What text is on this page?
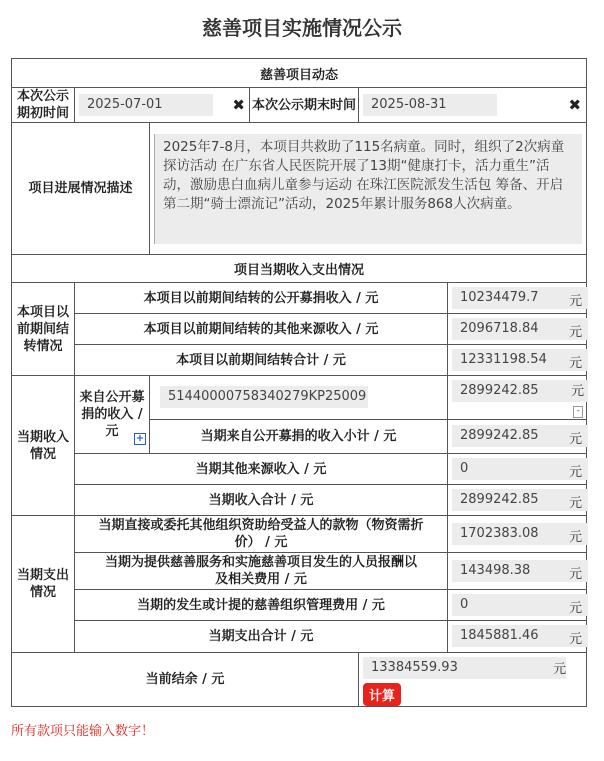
慈善项目实施情况公示
慈善项目动态					
本次公示期初时间	2025-07-01 ✖		本次公示期末时间	2025-08-31 ✖	

项目进展情况描述		2025年7-8月，本项目共救助了115名病童。同时，组织了2次病童探访活动 在广东省人民医院开展了13期“健康打卡，活力重生”活动，激励患白血病儿童参与运动 在珠江医院派发生活包 筹备、开启第二期“骑士漂流记”活动，2025年累计服务868人次病童。			

项目当期收入支出情况					
本项目以前期间结转情况	本项目以前期间结转的公开募捐收入 / 元				10234479.7 元

	本项目以前期间结转的其他来源收入 / 元				2096718.84 元

	本项目以前期间结转合计 / 元				12331198.54 元

当期收入情况	来自公开募捐的收入 / 元 +	51440000758340279KP25009			2899242.85 元
-

		当期来自公开募捐的收入小计 / 元			2899242.85 元

	当期其他来源收入 / 元				0 元

	当期收入合计 / 元				2899242.85 元

当期支出情况	当期直接或委托其他组织资助给受益人的款物（物资需折价） / 元				1702383.08 元

	当期为提供慈善服务和实施慈善项目发生的人员报酬以及相关费用 / 元				143498.38 元

	当期的发生或计提的慈善组织管理费用 / 元				0 元

	当期支出合计 / 元				1845881.46 元

当前结余 / 元				13384559.93 元
计算	
所有款项只能输入数字！
